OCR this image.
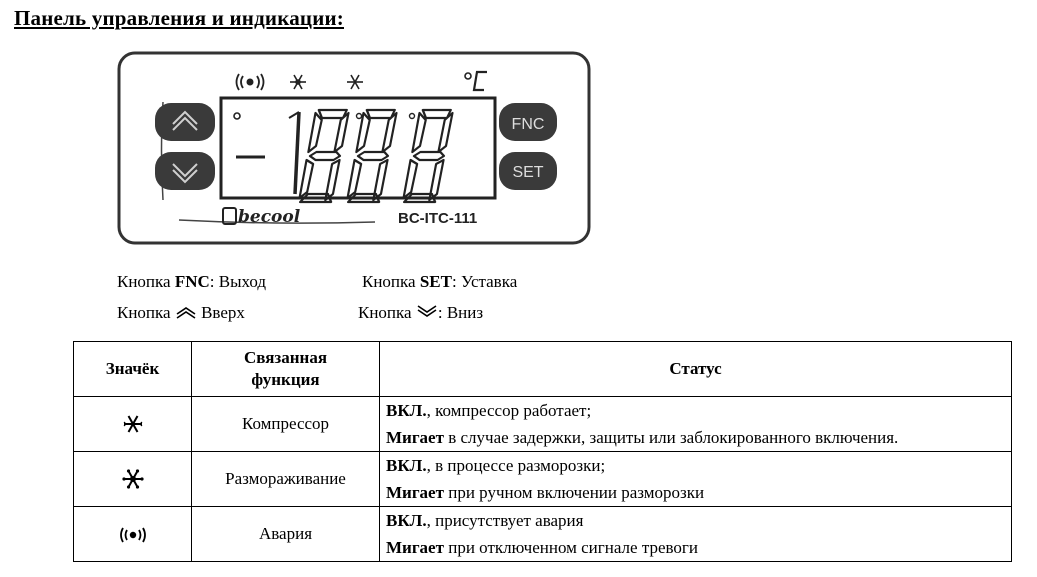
Панель управления и индикации:
FNC
SET
becool	BC-ITC-111
Кнопка FNC: Выход	Кнопка SET: Уставка
Кнопка  Вверх	Кнопка : Вниз
Значёк	Связанная функция	Статус
	Компрессор	ВКЛ., компрессор работает;
Мигает в случае задержки, защиты или заблокированного включения.

	Размораживание	ВКЛ., в процессе разморозки;
Мигает при ручном включении разморозки

	Авария	ВКЛ., присутствует авария
Мигает при отключенном сигнале тревоги
